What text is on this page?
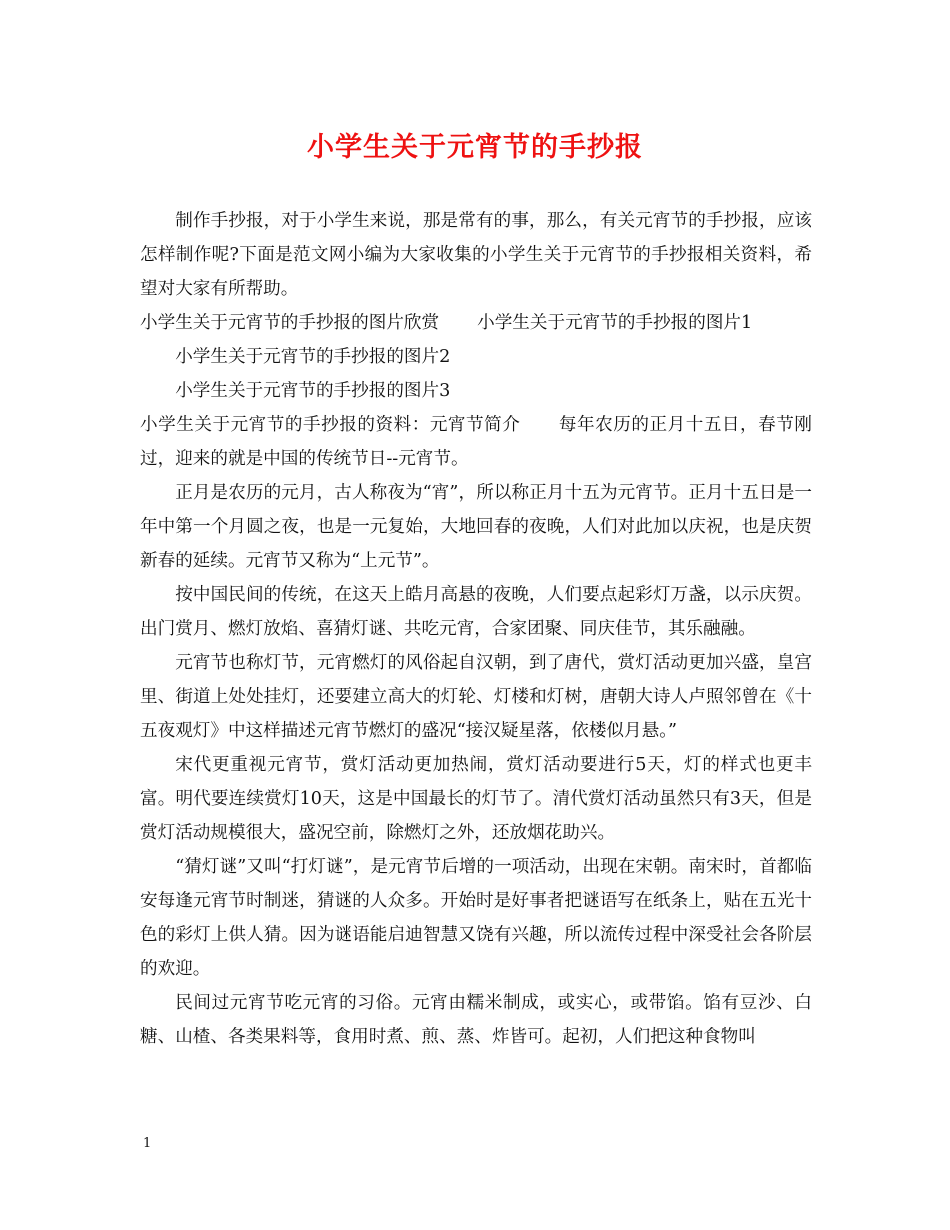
小学生关于元宵节的手抄报

制作手抄报，对于小学生来说，那是常有的事，那么，有关元宵节的手抄报，应该怎样制作呢?下面是范文网小编为大家收集的小学生关于元宵节的手抄报相关资料，希望对大家有所帮助。

小学生关于元宵节的手抄报的图片欣赏 小学生关于元宵节的手抄报的图片1

小学生关于元宵节的手抄报的图片2

小学生关于元宵节的手抄报的图片3

小学生关于元宵节的手抄报的资料：元宵节简介 每年农历的正月十五日，春节刚过，迎来的就是中国的传统节日--元宵节。

正月是农历的元月，古人称夜为“宵”，所以称正月十五为元宵节。正月十五日是一年中第一个月圆之夜，也是一元复始，大地回春的夜晚，人们对此加以庆祝，也是庆贺新春的延续。元宵节又称为“上元节”。

按中国民间的传统，在这天上皓月高悬的夜晚，人们要点起彩灯万盏，以示庆贺。出门赏月、燃灯放焰、喜猜灯谜、共吃元宵，合家团聚、同庆佳节，其乐融融。

元宵节也称灯节，元宵燃灯的风俗起自汉朝，到了唐代，赏灯活动更加兴盛，皇宫里、街道上处处挂灯，还要建立高大的灯轮、灯楼和灯树，唐朝大诗人卢照邻曾在《十五夜观灯》中这样描述元宵节燃灯的盛况“接汉疑星落，依楼似月悬。”

宋代更重视元宵节，赏灯活动更加热闹，赏灯活动要进行5天，灯的样式也更丰富。明代要连续赏灯10天，这是中国最长的灯节了。清代赏灯活动虽然只有3天，但是赏灯活动规模很大，盛况空前，除燃灯之外，还放烟花助兴。

“猜灯谜”又叫“打灯谜”，是元宵节后增的一项活动，出现在宋朝。南宋时，首都临安每逢元宵节时制迷，猜谜的人众多。开始时是好事者把谜语写在纸条上，贴在五光十色的彩灯上供人猜。因为谜语能启迪智慧又饶有兴趣，所以流传过程中深受社会各阶层的欢迎。

民间过元宵节吃元宵的习俗。元宵由糯米制成，或实心，或带馅。馅有豆沙、白糖、山楂、各类果料等，食用时煮、煎、蒸、炸皆可。起初，人们把这种食物叫

1
